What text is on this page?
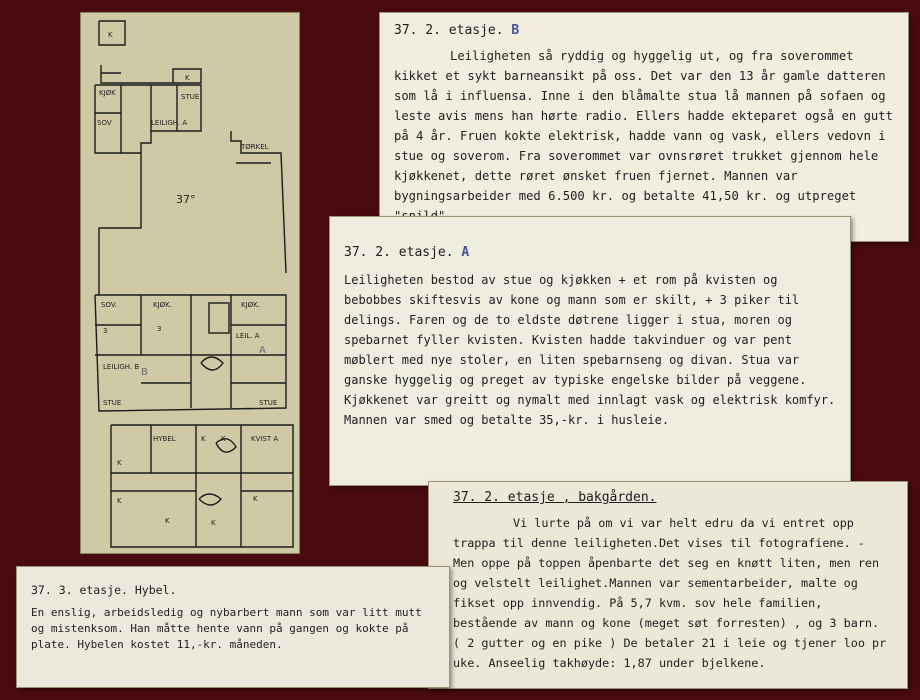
K
K
KJØK	STUE
SOV	LEILIGH. A
TØRKEL
37°
SOV.	KJØK.	KJØK.
3	3
LEIL. A
A
LEILIGH. B B
STUE	STUE
HYBEL	K K	KVIST A
K
K
K	K
K
37. 2. etasje. B
Leiligheten så ryddig og hyggelig ut, og fra soverommet kikket et sykt barneansikt på oss. Det var den 13 år gamle datteren som lå i influensa. Inne i den blåmalte stua lå mannen på sofaen og leste avis mens han hørte radio. Ellers hadde ekteparet også en gutt på 4 år. Fruen kokte elektrisk, hadde vann og vask, ellers vedovn i stue og soverom. Fra soverommet var ovnsrøret trukket gjennom hele kjøkkenet, dette røret ønsket fruen fjernet. Mannen var bygningsarbeider med 6.500 kr. og betalte 41,50 kr. og utpreget
37. 2. etasje. A
Leiligheten bestod av stue og kjøkken + et rom på kvisten og bebobbes skiftesvis av kone og mann som er skilt, + 3 piker til delings. Faren og de to eldste døtrene ligger i stua, moren og spebarnet fyller kvisten. Kvisten hadde takvinduer og var pent møblert med nye stoler, en liten spebarnseng og divan. Stua var ganske hyggelig og preget av typiske engelske bilder på veggene. Kjøkkenet var greitt og nymalt med innlagt vask og elektrisk komfyr. Mannen var smed og betalte 35,-kr. i husleie.
37. 2. etasje , bakgården.
Vi lurte på om vi var helt edru da vi entret opp trappa til denne leiligheten.Det vises til fotografiene. - Men oppe på toppen åpenbarte det seg en knøtt liten, men ren og velstelt leilighet.Mannen var sementarbeider, malte og fikset opp innvendig. På 5,7 kvm. sov hele familien, bestående av mann og kone (meget søt forresten) , og 3 barn. ( 2 gutter og en pike ) De betaler 21 i leie og tjener loo pr uke. Anseelig takhøyde: 1,87 under bjelkene.
37. 3. etasje. Hybel.
En enslig, arbeidsledig og nybarbert mann som var litt mutt og mistenksom. Han måtte hente vann på gangen og kokte på plate. Hybelen kostet 11,-kr. måneden.
